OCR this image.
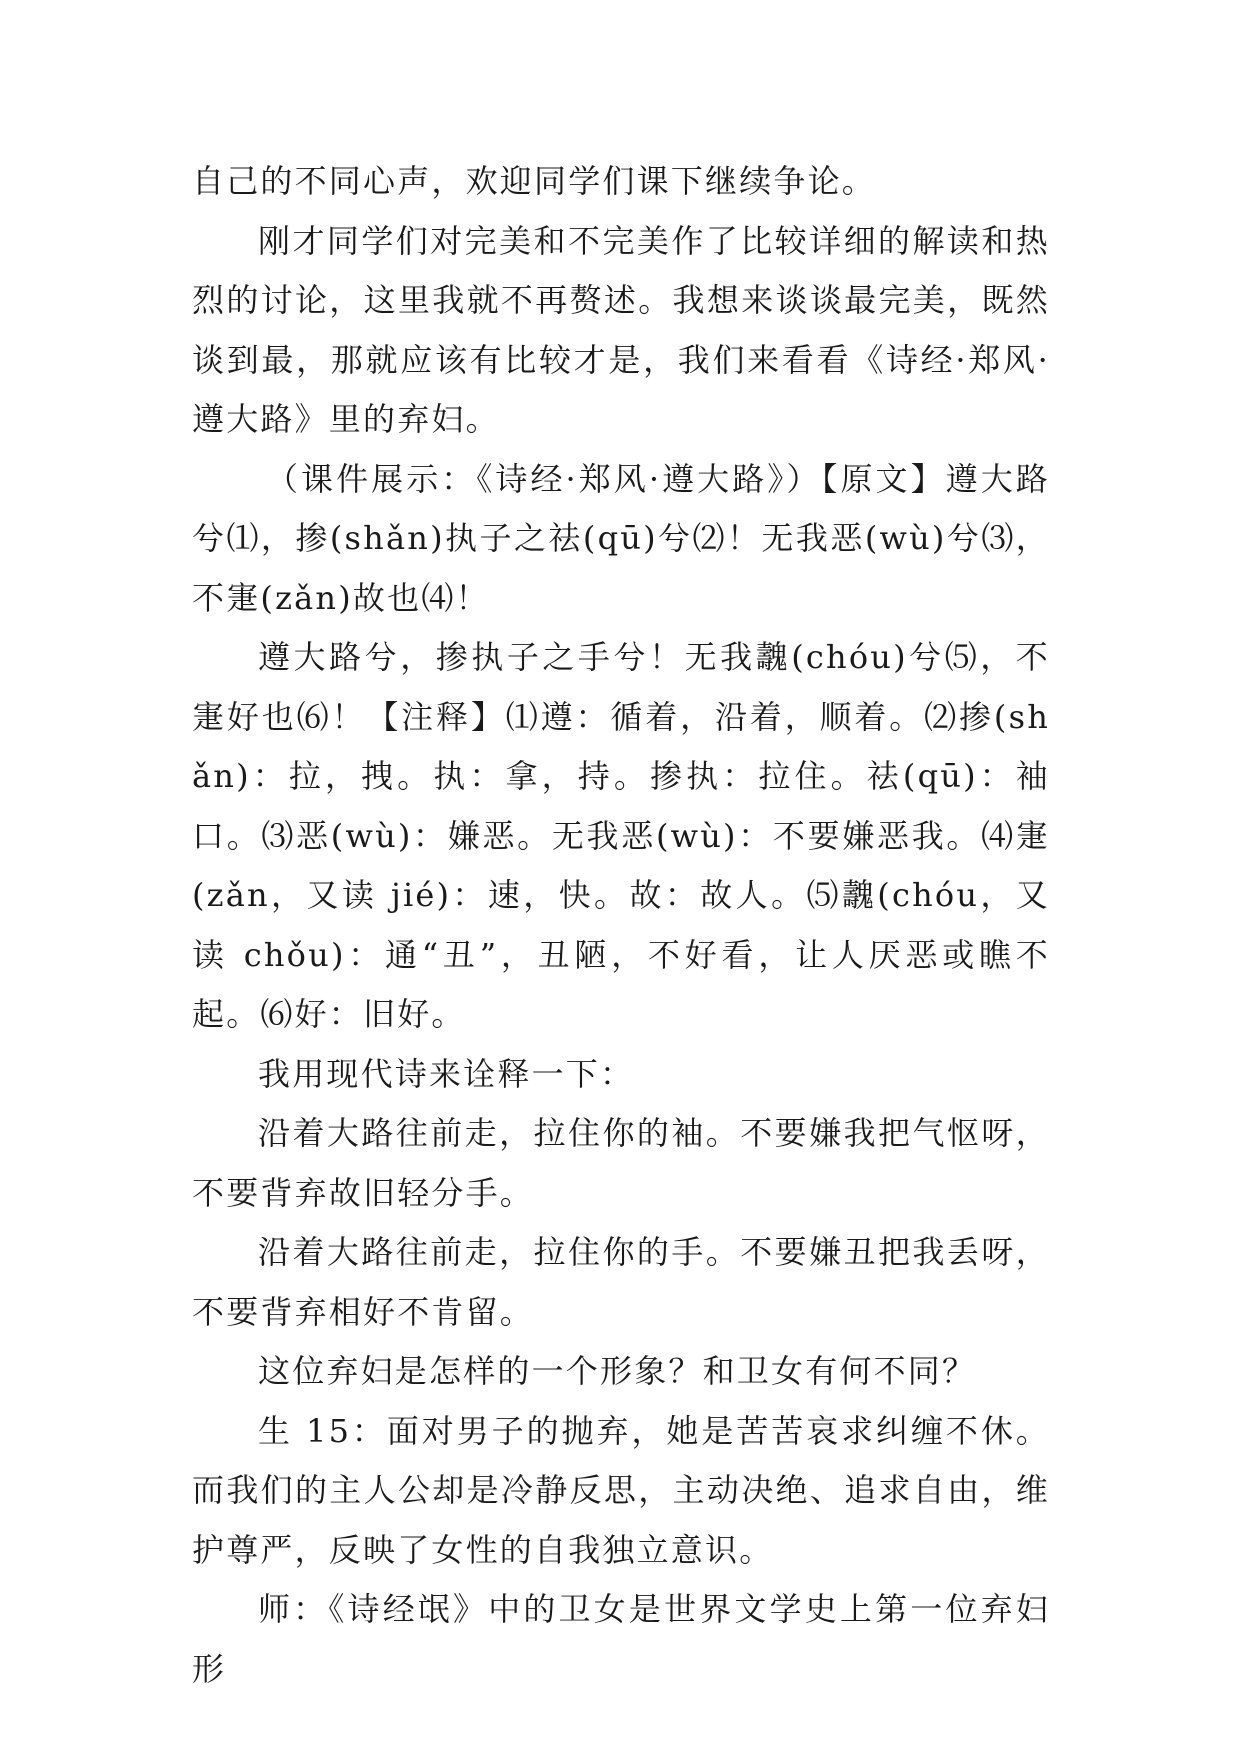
自己的不同心声，欢迎同学们课下继续争论。

刚才同学们对完美和不完美作了比较详细的解读和热烈的讨论，这里我就不再赘述。我想来谈谈最完美，既然谈到最，那就应该有比较才是，我们来看看《诗经·郑风·遵大路》里的弃妇。

（课件展示：《诗经·郑风·遵大路》）【原文】遵大路兮⑴，掺(shǎn)执子之祛(qū)兮⑵！无我恶(wù)兮⑶，不寁(zǎn)故也⑷！

遵大路兮，掺执子之手兮！无我魗(chóu)兮⑸，不寁好也⑹！【注释】⑴遵：循着，沿着，顺着。⑵掺(shǎn)：拉，拽。执：拿，持。掺执：拉住。祛(qū)：袖口。⑶恶(wù)：嫌恶。无我恶(wù)：不要嫌恶我。⑷寁(zǎn，又读 jié)：速，快。故：故人。⑸魗(chóu，又读 chǒu)：通“丑”，丑陋，不好看，让人厌恶或瞧不起。⑹好：旧好。

我用现代诗来诠释一下：

沿着大路往前走，拉住你的袖。不要嫌我把气怄呀，不要背弃故旧轻分手。

沿着大路往前走，拉住你的手。不要嫌丑把我丢呀，不要背弃相好不肯留。

这位弃妇是怎样的一个形象？和卫女有何不同？

生 15：面对男子的抛弃，她是苦苦哀求纠缠不休。而我们的主人公却是冷静反思，主动决绝、追求自由，维护尊严，反映了女性的自我独立意识。

师：《诗经氓》中的卫女是世界文学史上第一位弃妇形
